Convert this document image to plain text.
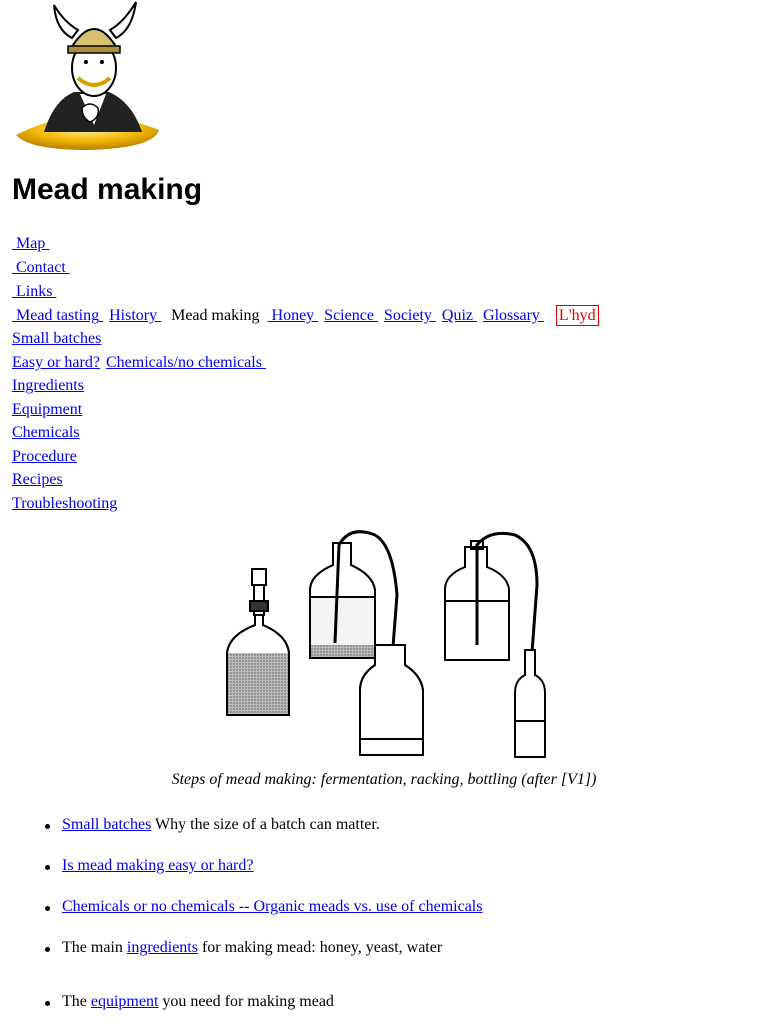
Mead making
Map
Contact
Links
Mead tasting History Mead making Honey Science Society Quiz Glossary L'hyd
Small batches
Easy or hard? Chemicals/no chemicals
Ingredients
Equipment
Chemicals
Procedure
Recipes
Troubleshooting
Steps of mead making: fermentation, racking, bottling (after [V1])
Small batches Why the size of a batch can matter.
Is mead making easy or hard?
Chemicals or no chemicals -- Organic meads vs. use of chemicals
The main ingredients for making mead: honey, yeast, water
The equipment you need for making mead
